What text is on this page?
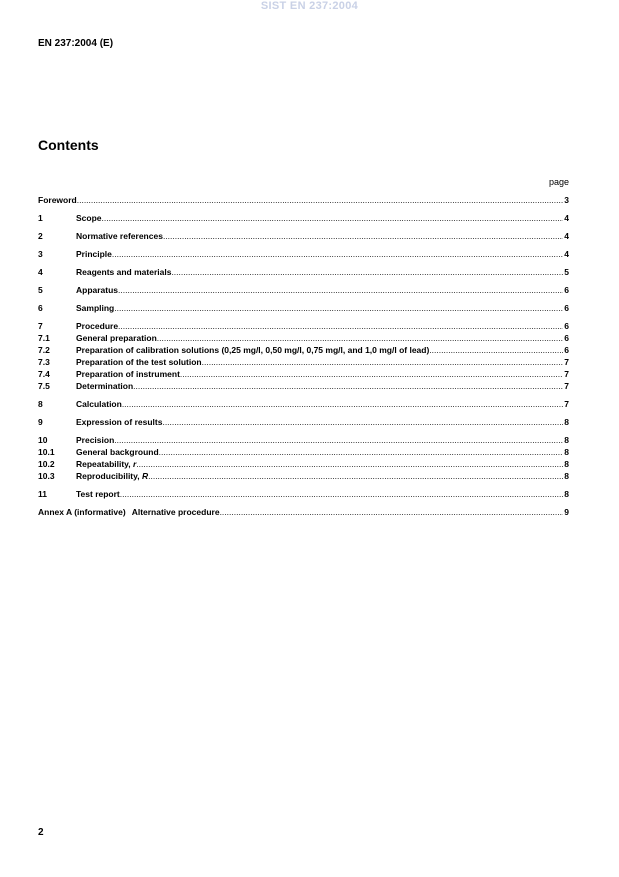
SIST EN 237:2004
EN 237:2004 (E)
Contents
page
Foreword .....	3
1	Scope .....	4
2	Normative references .....	4
3	Principle .....	4
4	Reagents and materials .....	5
5	Apparatus .....	6
6	Sampling .....	6
7	Procedure .....	6
7.1	General preparation .....	6
7.2	Preparation of calibration solutions (0,25 mg/l, 0,50 mg/l, 0,75 mg/l, and 1,0 mg/l of lead) .....	6
7.3	Preparation of the test solution .....	7
7.4	Preparation of instrument .....	7
7.5	Determination .....	7
8	Calculation .....	7
9	Expression of results .....	8
10	Precision .....	8
10.1	General background .....	8
10.2	Repeatability, r .....	8
10.3	Reproducibility, R .....	8
11	Test report .....	8
Annex A (informative) Alternative procedure .....	9
2
